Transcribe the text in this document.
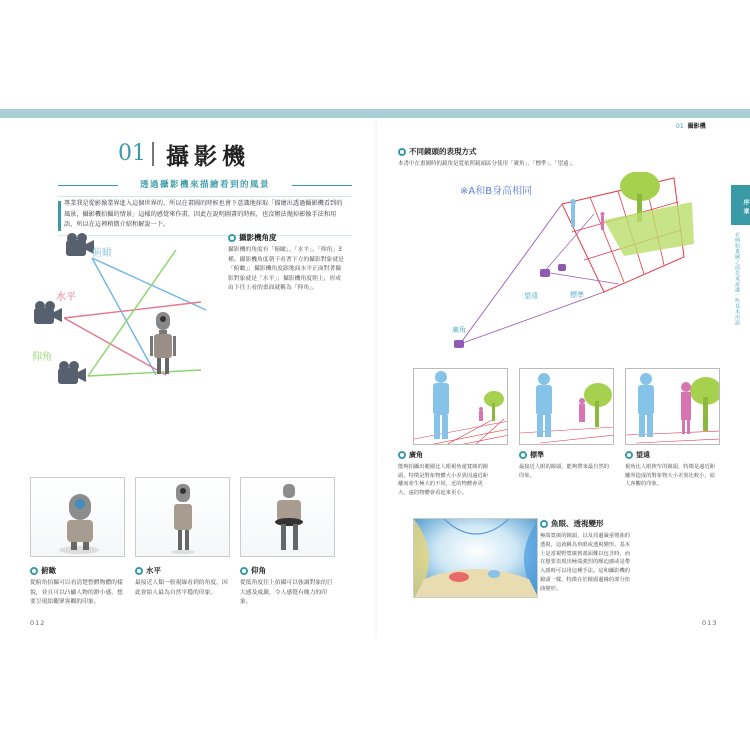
01 攝影機
透過攝影機來描繪看到的風景
專業我是從影像業界進入這個世界的，所以在畫圖的時候也會下意識地採取「描繪出透過攝影機看到的風景，攝影機拍攝的情景」這樣的感覺來作畫，因此在說明圖畫的時候，也沒辦法拋掉影像手法和用語，所以在這裡稍微介紹和解說一下。
俯瞰
水平
仰角
攝影機角度
攝影機的角度有「俯瞰」、「水平」、「仰角」3種。攝影機角度朝下看著下方的攝影對象就是「俯瞰」；攝影機角度跟地面水平正面對著攝影對象就是「水平」；攝影機角度朝上，形成由下往上看的畫面就稱為「仰角」。
俯瞰
從俯角拍攝可以看清楚整體物體的樣貌，並且可以凸顯人物的渺小感，想要呈現給觀眾客觀的印象。
水平
最接近人類一般視線看到的角度，因此會給人最為自然平穩的印象。
仰角
從低角度往上拍攝可以強調對象的巨大感及威嚴，令人感覺有魄力的印象。
012
01 攝影機
序章
在開始畫圖之前先來認識一些基本用語
不同鏡頭的表現方式
本書中在畫圖時的鏡角是寬依照鏡頭區分使用「廣角」、「標準」、「望遠」。
※A和B身高相同
望遠	標準
廣角
廣角
能夠拍攝出範圍比人眼視角還寬廣的鏡頭，特徵是對象物體大小差異因遠近距離而產生極大的不同，近的物體會更大，遠的物體會看起來更小。
標準
最接近人眼的鏡頭，能夠帶來最自然的印象。
望遠
視角比人眼狹窄的鏡頭，特徵是遠近距離所造成的對象物大小差異比較小，給人客觀的印象。
魚眼、透視變形
極端寬廣的鏡頭，以及周邊嚴重彎曲的透視，這就稱為魚眼或透視變形。基本上是當視野寬廣到畫面難以包含時，而在想要表現出極端強烈的壓迫感或是帶入感時可以用這種手法。這和攝影機的鏡頭一樣，特徵在於鏡頭邊緣的部分扭曲變形。
013
